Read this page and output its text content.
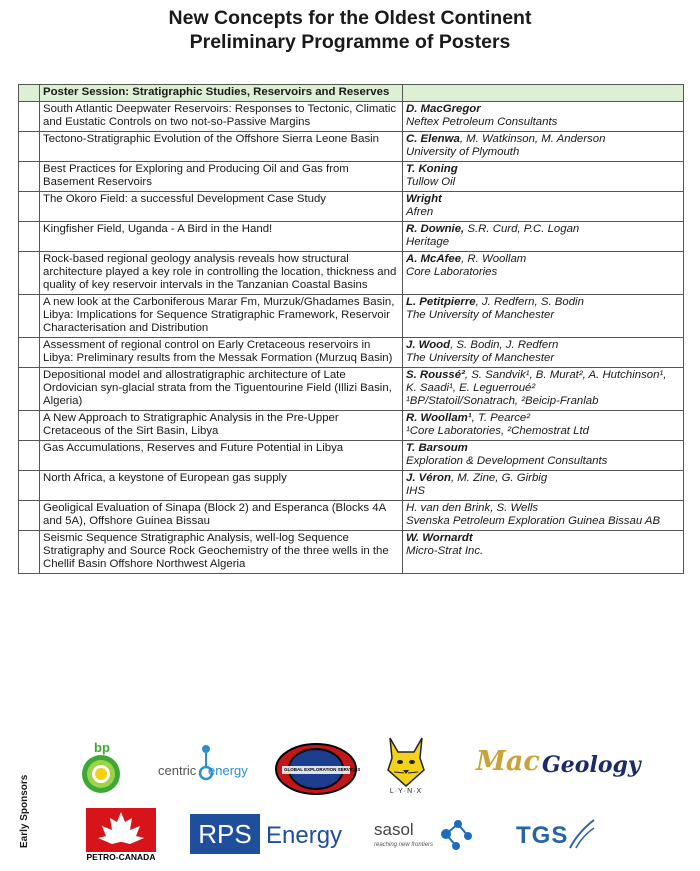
New Concepts for the Oldest Continent
Preliminary Programme of Posters
	Poster Session: Stratigraphic Studies, Reservoirs and Reserves	
	South Atlantic Deepwater Reservoirs: Responses to Tectonic, Climatic and Eustatic Controls on two not-so-Passive Margins	D. MacGregor
Neftex Petroleum Consultants

	Tectono-Stratigraphic Evolution of the Offshore Sierra Leone Basin	C. Elenwa, M. Watkinson, M. Anderson
University of Plymouth

	Best Practices for Exploring and Producing Oil and Gas from Basement Reservoirs	T. Koning
Tullow Oil

	The Okoro Field: a successful Development Case Study	Wright
Afren

	Kingfisher Field, Uganda - A Bird in the Hand!	R. Downie, S.R. Curd, P.C. Logan
Heritage

	Rock-based regional geology analysis reveals how structural architecture played a key role in controlling the location, thickness and quality of key reservoir intervals in the Tanzanian Coastal Basins	A. McAfee, R. Woollam
Core Laboratories

	A new look at the Carboniferous Marar Fm, Murzuk/Ghadames Basin, Libya: Implications for Sequence Stratigraphic Framework, Reservoir Characterisation and Distribution	L. Petitpierre, J. Redfern, S. Bodin
The University of Manchester

	Assessment of regional control on Early Cretaceous reservoirs in Libya: Preliminary results from the Messak Formation (Murzuq Basin)	J. Wood, S. Bodin, J. Redfern
The University of Manchester

	Depositional model and allostratigraphic architecture of Late Ordovician syn-glacial strata from the Tiguentourine Field (Illizi Basin, Algeria)	S. Roussé², S. Sandvik¹, B. Murat², A. Hutchinson¹, K. Saadi¹, E. Leguerroué²
¹BP/Statoil/Sonatrach, ²Beicip-Franlab

	A New Approach to Stratigraphic Analysis in the Pre-Upper Cretaceous of the Sirt Basin, Libya	R. Woollam¹, T. Pearce²
¹Core Laboratories, ²Chemostrat Ltd

	Gas Accumulations, Reserves and Future Potential in Libya	T. Barsoum
Exploration & Development Consultants

	North Africa, a keystone of European gas supply	J. Véron, M. Zine, G. Girbig
IHS

	Geoligical Evaluation of Sinapa (Block 2) and Esperanca (Blocks 4A and 5A), Offshore Guinea Bissau	H. van den Brink, S. Wells
Svenska Petroleum Exploration Guinea Bissau AB

	Seismic Sequence Stratigraphic Analysis, well-log Sequence Stratigraphy and Source Rock Geochemistry of the three wells in the Chellif Basin Offshore Northwest Algeria	W. Wornardt
Micro-Strat Inc.
Early Sponsors
bp
centric energy	GLOBAL EXPLORATION SERVICES
L·Y·N·X
Mac Geology
PETRO-CANADA
RPS Energy sasol
reaching new frontiers	TGS
